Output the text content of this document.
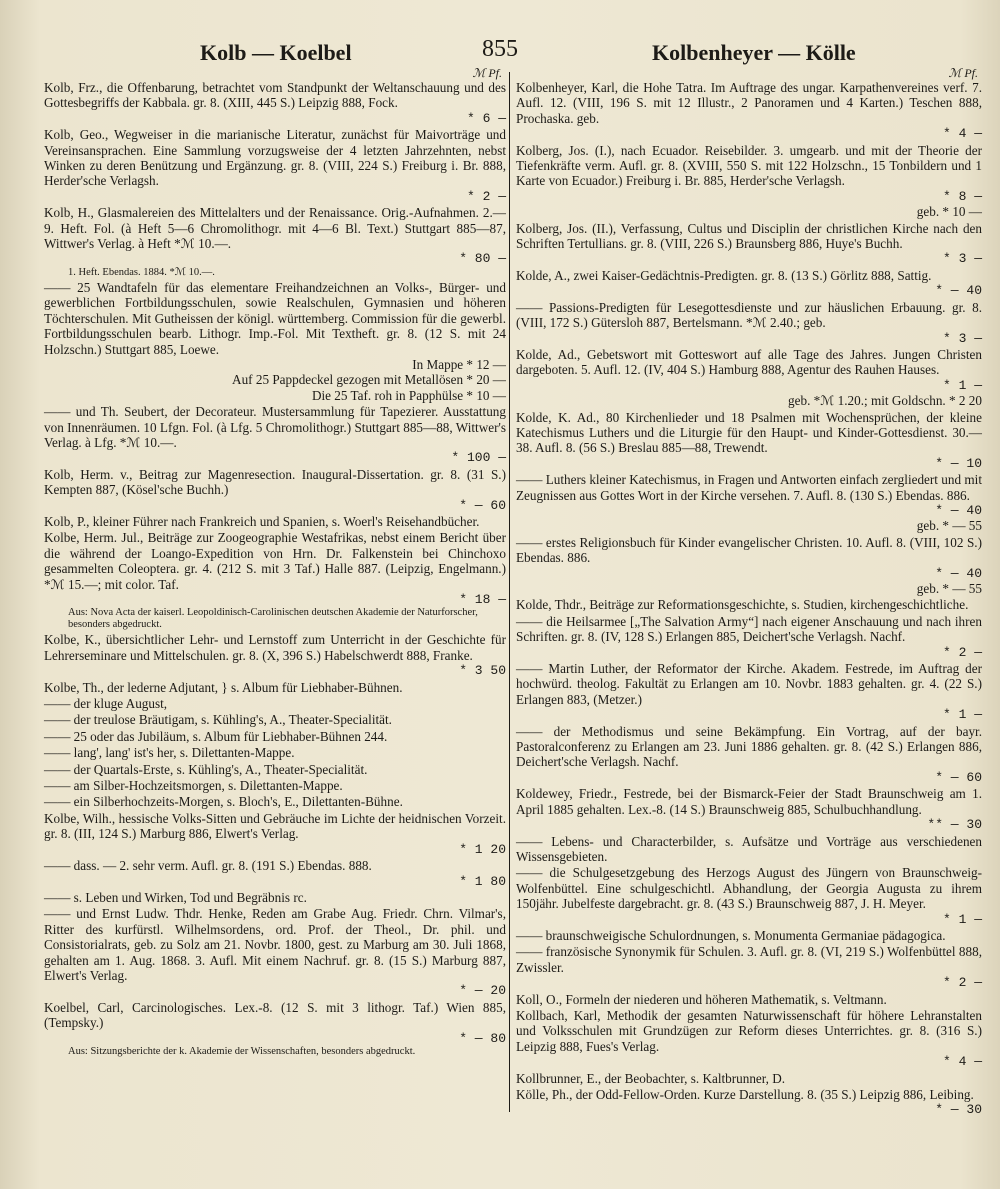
Kolb — Koelbel	855	Kolbenheyer — Kölle
ℳ Pf.
Kolb, Frz., die Offenbarung, betrachtet vom Standpunkt der Weltanschauung und des Gottesbegriffs der Kabbala. gr. 8. (XIII, 445 S.) Leipzig 888, Fock.
* 6 —
Kolb, Geo., Wegweiser in die marianische Literatur, zunächst für Maivorträge und Vereinsansprachen. Eine Sammlung vorzugsweise der 4 letzten Jahrzehnten, nebst Winken zu deren Benützung und Ergänzung. gr. 8. (VIII, 224 S.) Freiburg i. Br. 888, Herder'sche Verlagsh.
* 2 —
Kolb, H., Glasmalereien des Mittelalters und der Renaissance. Orig.-Aufnahmen. 2.—9. Heft. Fol. (à Heft 5—6 Chromolithogr. mit 4—6 Bl. Text.) Stuttgart 885—87, Wittwer's Verlag. à Heft *ℳ 10.—.
* 80 —
1. Heft. Ebendas. 1884. *ℳ 10.—.
—— 25 Wandtafeln für das elementare Freihandzeichnen an Volks-, Bürger- und gewerblichen Fortbildungsschulen, sowie Realschulen, Gymnasien und höheren Töchterschulen. Mit Gutheissen der königl. württemberg. Commission für die gewerbl. Fortbildungsschulen bearb. Lithogr. Imp.-Fol. Mit Textheft. gr. 8. (12 S. mit 24 Holzschn.) Stuttgart 885, Loewe.
In Mappe * 12 —
Auf 25 Pappdeckel gezogen mit Metallösen * 20 —
Die 25 Taf. roh in Papphülse * 10 —
—— und Th. Seubert, der Decorateur. Mustersammlung für Tapezierer. Ausstattung von Innenräumen. 10 Lfgn. Fol. (à Lfg. 5 Chromolithogr.) Stuttgart 885—88, Wittwer's Verlag. à Lfg. *ℳ 10.—.
* 100 —
Kolb, Herm. v., Beitrag zur Magenresection. Inaugural-Dissertation. gr. 8. (31 S.) Kempten 887, (Kösel'sche Buchh.)
* — 60
Kolb, P., kleiner Führer nach Frankreich und Spanien, s. Woerl's Reisehandbücher.
Kolbe, Herm. Jul., Beiträge zur Zoogeographie Westafrikas, nebst einem Bericht über die während der Loango-Expedition von Hrn. Dr. Falkenstein bei Chinchoxo gesammelten Coleoptera. gr. 4. (212 S. mit 3 Taf.) Halle 887. (Leipzig, Engelmann.) *ℳ 15.—; mit color. Taf.
* 18 —
Aus: Nova Acta der kaiserl. Leopoldinisch-Carolinischen deutschen Akademie der Naturforscher, besonders abgedruckt.
Kolbe, K., übersichtlicher Lehr- und Lernstoff zum Unterricht in der Geschichte für Lehrerseminare und Mittelschulen. gr. 8. (X, 396 S.) Habelschwerdt 888, Franke.
* 3 50
Kolbe, Th., der lederne Adjutant, } s. Album für Liebhaber-Bühnen.
—— der kluge August,
—— der treulose Bräutigam, s. Kühling's, A., Theater-Specialität.
—— 25 oder das Jubiläum, s. Album für Liebhaber-Bühnen 244.
—— lang', lang' ist's her, s. Dilettanten-Mappe.
—— der Quartals-Erste, s. Kühling's, A., Theater-Specialität.
—— am Silber-Hochzeitsmorgen, s. Dilettanten-Mappe.
—— ein Silberhochzeits-Morgen, s. Bloch's, E., Dilettanten-Bühne.
Kolbe, Wilh., hessische Volks-Sitten und Gebräuche im Lichte der heidnischen Vorzeit. gr. 8. (III, 124 S.) Marburg 886, Elwert's Verlag.
* 1 20
—— dass. — 2. sehr verm. Aufl. gr. 8. (191 S.) Ebendas. 888.
* 1 80
—— s. Leben und Wirken, Tod und Begräbnis rc.
—— und Ernst Ludw. Thdr. Henke, Reden am Grabe Aug. Friedr. Chrn. Vilmar's, Ritter des kurfürstl. Wilhelmsordens, ord. Prof. der Theol., Dr. phil. und Consistorialrats, geb. zu Solz am 21. Novbr. 1800, gest. zu Marburg am 30. Juli 1868, gehalten am 1. Aug. 1868. 3. Aufl. Mit einem Nachruf. gr. 8. (15 S.) Marburg 887, Elwert's Verlag.
* — 20
Koelbel, Carl, Carcinologisches. Lex.-8. (12 S. mit 3 lithogr. Taf.) Wien 885, (Tempsky.)
* — 80
Aus: Sitzungsberichte der k. Akademie der Wissenschaften, besonders abgedruckt.
ℳ Pf.
Kolbenheyer, Karl, die Hohe Tatra. Im Auftrage des ungar. Karpathenvereines verf. 7. Aufl. 12. (VIII, 196 S. mit 12 Illustr., 2 Panoramen und 4 Karten.) Teschen 888, Prochaska. geb.
* 4 —
Kolberg, Jos. (I.), nach Ecuador. Reisebilder. 3. umgearb. und mit der Theorie der Tiefenkräfte verm. Aufl. gr. 8. (XVIII, 550 S. mit 122 Holzschn., 15 Tonbildern und 1 Karte von Ecuador.) Freiburg i. Br. 885, Herder'sche Verlagsh.
* 8 —
geb. * 10 —
Kolberg, Jos. (II.), Verfassung, Cultus und Disciplin der christlichen Kirche nach den Schriften Tertullians. gr. 8. (VIII, 226 S.) Braunsberg 886, Huye's Buchh.
* 3 —
Kolde, A., zwei Kaiser-Gedächtnis-Predigten. gr. 8. (13 S.) Görlitz 888, Sattig.
* — 40
—— Passions-Predigten für Lesegottesdienste und zur häuslichen Erbauung. gr. 8. (VIII, 172 S.) Gütersloh 887, Bertelsmann. *ℳ 2.40.; geb.
* 3 —
Kolde, Ad., Gebetswort mit Gotteswort auf alle Tage des Jahres. Jungen Christen dargeboten. 5. Aufl. 12. (IV, 404 S.) Hamburg 888, Agentur des Rauhen Hauses.
* 1 —
geb. *ℳ 1.20.; mit Goldschn. * 2 20
Kolde, K. Ad., 80 Kirchenlieder und 18 Psalmen mit Wochensprüchen, der kleine Katechismus Luthers und die Liturgie für den Haupt- und Kinder-Gottesdienst. 30.—38. Aufl. 8. (56 S.) Breslau 885—88, Trewendt.
* — 10
—— Luthers kleiner Katechismus, in Fragen und Antworten einfach zergliedert und mit Zeugnissen aus Gottes Wort in der Kirche versehen. 7. Aufl. 8. (130 S.) Ebendas. 886.
* — 40
geb. * — 55
—— erstes Religionsbuch für Kinder evangelischer Christen. 10. Aufl. 8. (VIII, 102 S.) Ebendas. 886.
* — 40
geb. * — 55
Kolde, Thdr., Beiträge zur Reformationsgeschichte, s. Studien, kirchengeschichtliche.
—— die Heilsarmee [„The Salvation Army“] nach eigener Anschauung und nach ihren Schriften. gr. 8. (IV, 128 S.) Erlangen 885, Deichert'sche Verlagsh. Nachf.
* 2 —
—— Martin Luther, der Reformator der Kirche. Akadem. Festrede, im Auftrag der hochwürd. theolog. Fakultät zu Erlangen am 10. Novbr. 1883 gehalten. gr. 4. (22 S.) Erlangen 883, (Metzer.)
* 1 —
—— der Methodismus und seine Bekämpfung. Ein Vortrag, auf der bayr. Pastoralconferenz zu Erlangen am 23. Juni 1886 gehalten. gr. 8. (42 S.) Erlangen 886, Deichert'sche Verlagsh. Nachf.
* — 60
Koldewey, Friedr., Festrede, bei der Bismarck-Feier der Stadt Braunschweig am 1. April 1885 gehalten. Lex.-8. (14 S.) Braunschweig 885, Schulbuchhandlung.
** — 30
—— Lebens- und Characterbilder, s. Aufsätze und Vorträge aus verschiedenen Wissensgebieten.
—— die Schulgesetzgebung des Herzogs August des Jüngern von Braunschweig-Wolfenbüttel. Eine schulgeschichtl. Abhandlung, der Georgia Augusta zu ihrem 150jähr. Jubelfeste dargebracht. gr. 8. (43 S.) Braunschweig 887, J. H. Meyer.
* 1 —
—— braunschweigische Schulordnungen, s. Monumenta Germaniae pädagogica.
—— französische Synonymik für Schulen. 3. Aufl. gr. 8. (VI, 219 S.) Wolfenbüttel 888, Zwissler.
* 2 —
Koll, O., Formeln der niederen und höheren Mathematik, s. Veltmann.
Kollbach, Karl, Methodik der gesamten Naturwissenschaft für höhere Lehranstalten und Volksschulen mit Grundzügen zur Reform dieses Unterrichtes. gr. 8. (316 S.) Leipzig 888, Fues's Verlag.
* 4 —
Kollbrunner, E., der Beobachter, s. Kaltbrunner, D.
Kölle, Ph., der Odd-Fellow-Orden. Kurze Darstellung. 8. (35 S.) Leipzig 886, Leibing.
* — 30
